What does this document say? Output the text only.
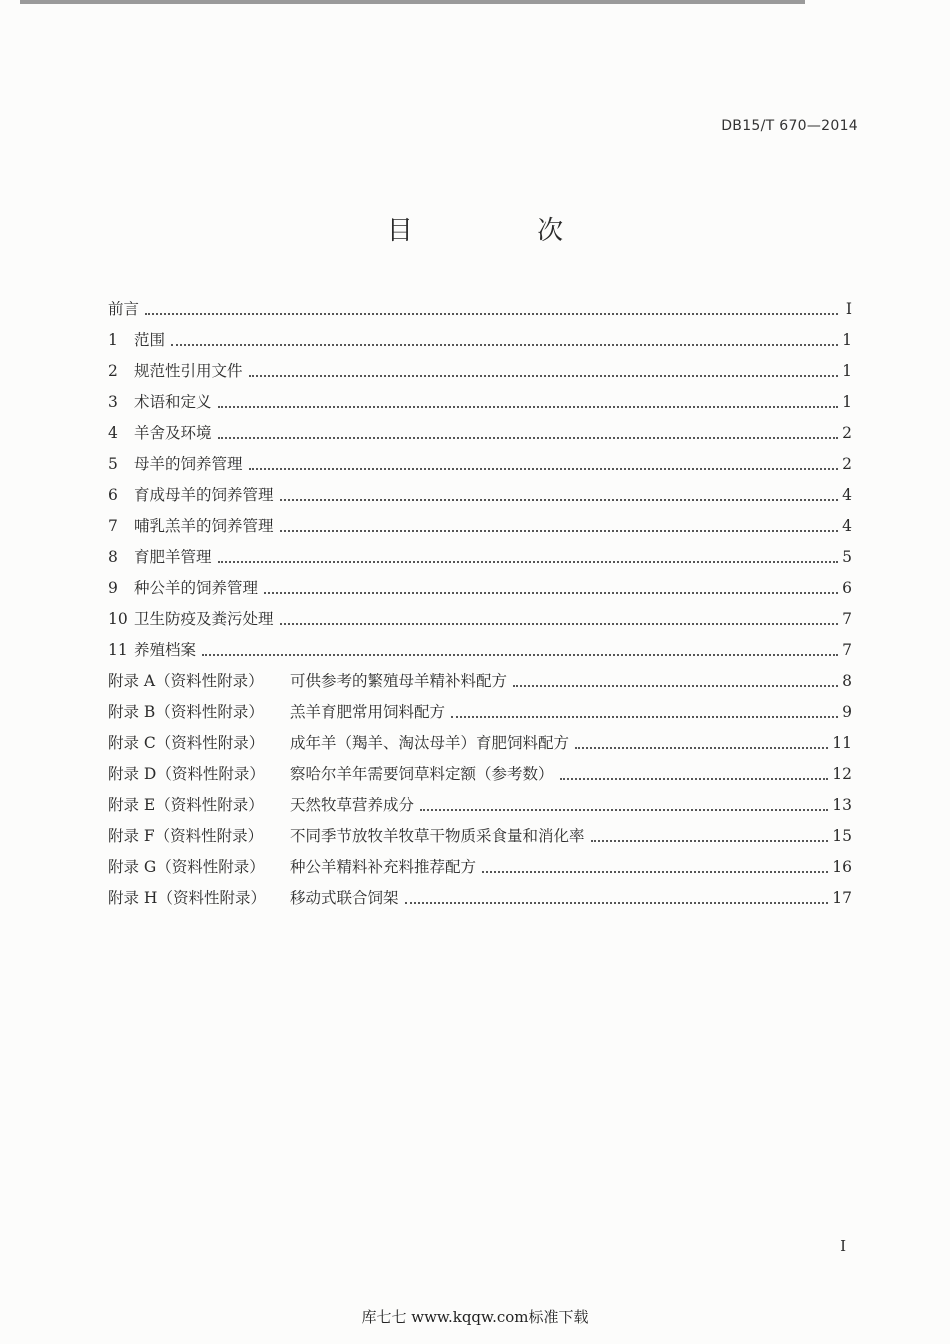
DB15/T 670—2014
目 次
前言	I
1	范围	1
2	规范性引用文件	1
3	术语和定义	1
4	羊舍及环境	2
5	母羊的饲养管理	2
6	育成母羊的饲养管理	4
7	哺乳羔羊的饲养管理	4
8	育肥羊管理	5
9	种公羊的饲养管理	6
10 卫生防疫及粪污处理	7
11 养殖档案	7
附录 A（资料性附录）	可供参考的繁殖母羊精补料配方	8
附录 B（资料性附录）	羔羊育肥常用饲料配方	9
附录 C（资料性附录）	成年羊（羯羊、淘汰母羊）育肥饲料配方	11
附录 D（资料性附录）	察哈尔羊年需要饲草料定额（参考数）	12
附录 E（资料性附录）	天然牧草营养成分	13
附录 F（资料性附录）	不同季节放牧羊牧草干物质采食量和消化率	15
附录 G（资料性附录）	种公羊精料补充料推荐配方	16
附录 H（资料性附录）	移动式联合饲架	17
I
库七七 www.kqqw.com标准下载
